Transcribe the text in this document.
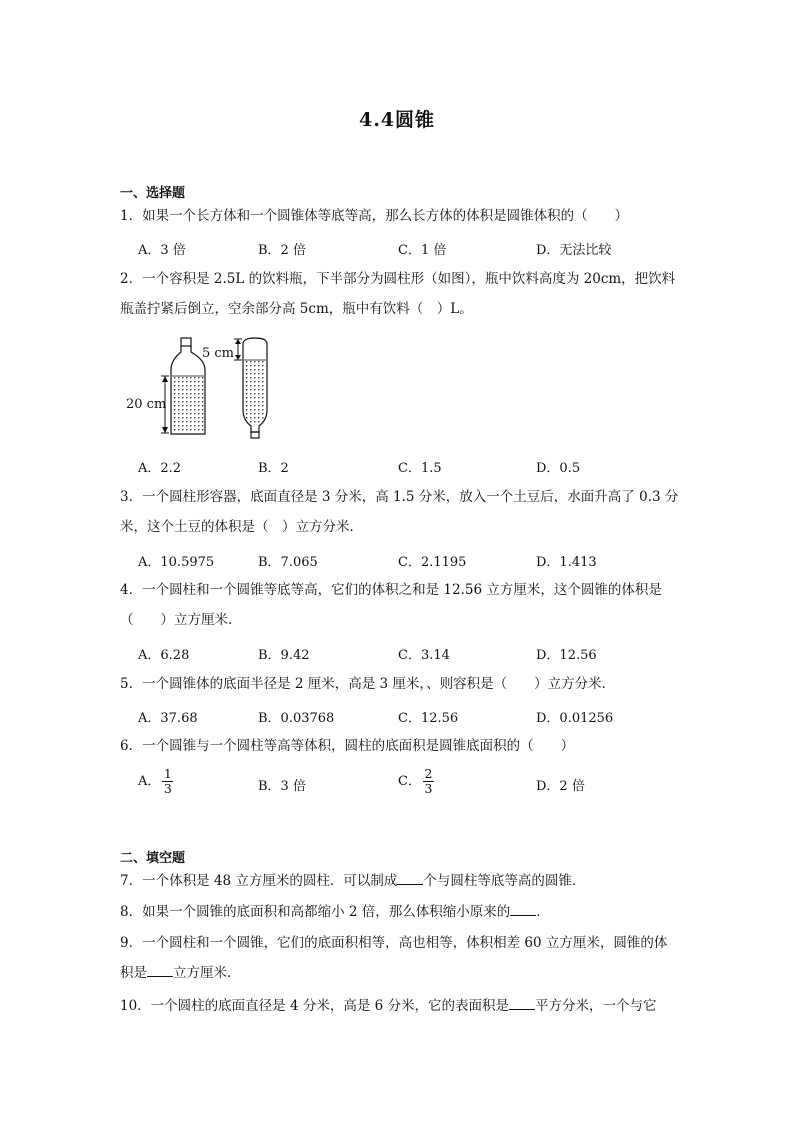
4.4圆锥
一、选择题
1．如果一个长方体和一个圆锥体等底等高，那么长方体的体积是圆锥体积的（　　）
A．3 倍	B．2 倍	C．1 倍	D．无法比较
2．一个容积是 2.5L 的饮料瓶，下半部分为圆柱形（如图），瓶中饮料高度为 20cm，把饮料
瓶盖拧紧后倒立，空余部分高 5cm，瓶中有饮料（　）L。
5 cm
20 cm
A．2.2	B．2	C．1.5	D．0.5
3．一个圆柱形容器，底面直径是 3 分米，高 1.5 分米，放入一个土豆后，水面升高了 0.3 分
米，这个土豆的体积是（　）立方分米．
A．10.5975	B．7.065	C．2.1195	D．1.413
4．一个圆柱和一个圆锥等底等高，它们的体积之和是 12.56 立方厘米，这个圆锥的体积是
（　　）立方厘米．
A．6.28	B．9.42	C．3.14	D．12.56
5．一个圆锥体的底面半径是 2 厘米，高是 3 厘米，、则容积是（　　）立方分米．
A．37.68	B．0.03768	C．12.56	D．0.01256
6．一个圆锥与一个圆柱等高等体积，圆柱的底面积是圆锥底面积的（　　）
A． $\frac{1}{3}$	B．3 倍	C． $\frac{2}{3}$	D．2 倍
二、填空题
7．一个体积是 48 立方厘米的圆柱．可以制成 个与圆柱等底等高的圆锥．
8．如果一个圆锥的底面积和高都缩小 2 倍，那么体积缩小原来的 ．
9．一个圆柱和一个圆锥，它们的底面积相等，高也相等，体积相差 60 立方厘米，圆锥的体
积是 立方厘米．
10．一个圆柱的底面直径是 4 分米，高是 6 分米，它的表面积是 平方分米，一个与它
